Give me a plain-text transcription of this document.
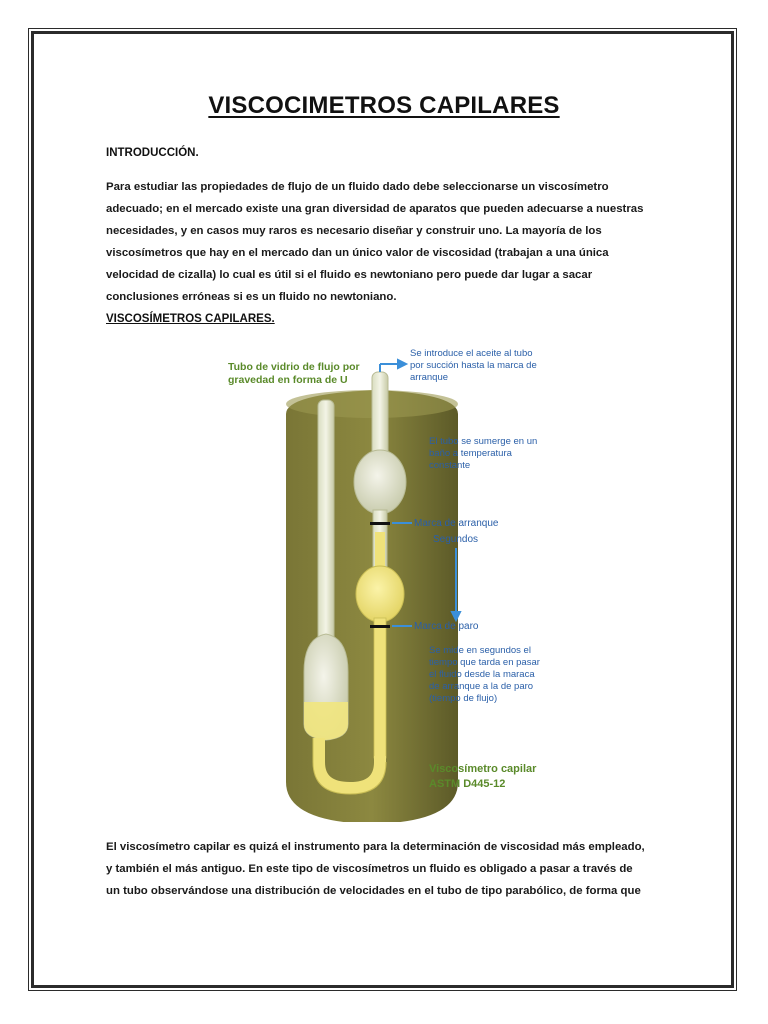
VISCOCIMETROS CAPILARES
INTRODUCCIÓN.
Para estudiar las propiedades de flujo de un fluido dado debe seleccionarse un viscosímetro
adecuado; en el mercado existe una gran diversidad de aparatos que pueden adecuarse a nuestras
necesidades, y en casos muy raros es necesario diseñar y construir uno. La mayoría de los
viscosímetros que hay en el mercado dan un único valor de viscosidad (trabajan a una única
velocidad de cizalla) lo cual es útil si el fluido es newtoniano pero puede dar lugar a sacar
conclusiones erróneas si es un fluido no newtoniano.
VISCOSÍMETROS CAPILARES.
Tubo de vidrio de flujo por gravedad en forma de U
Se introduce el aceite al tubo por succión hasta la marca de arranque
El tubo se sumerge en un baño a temperatura constante
Marca de arranque
Segundos
Marca de paro
Se mide en segundos el tiempo que tarda en pasar el fluido desde la maraca de arranque a la de paro (tiempo de flujo)
Viscosímetro capilar ASTM D445-12
El viscosímetro capilar es quizá el instrumento para la determinación de viscosidad más empleado,
y también el más antiguo. En este tipo de viscosímetros un fluido es obligado a pasar a través de
un tubo observándose una distribución de velocidades en el tubo de tipo parabólico, de forma que
